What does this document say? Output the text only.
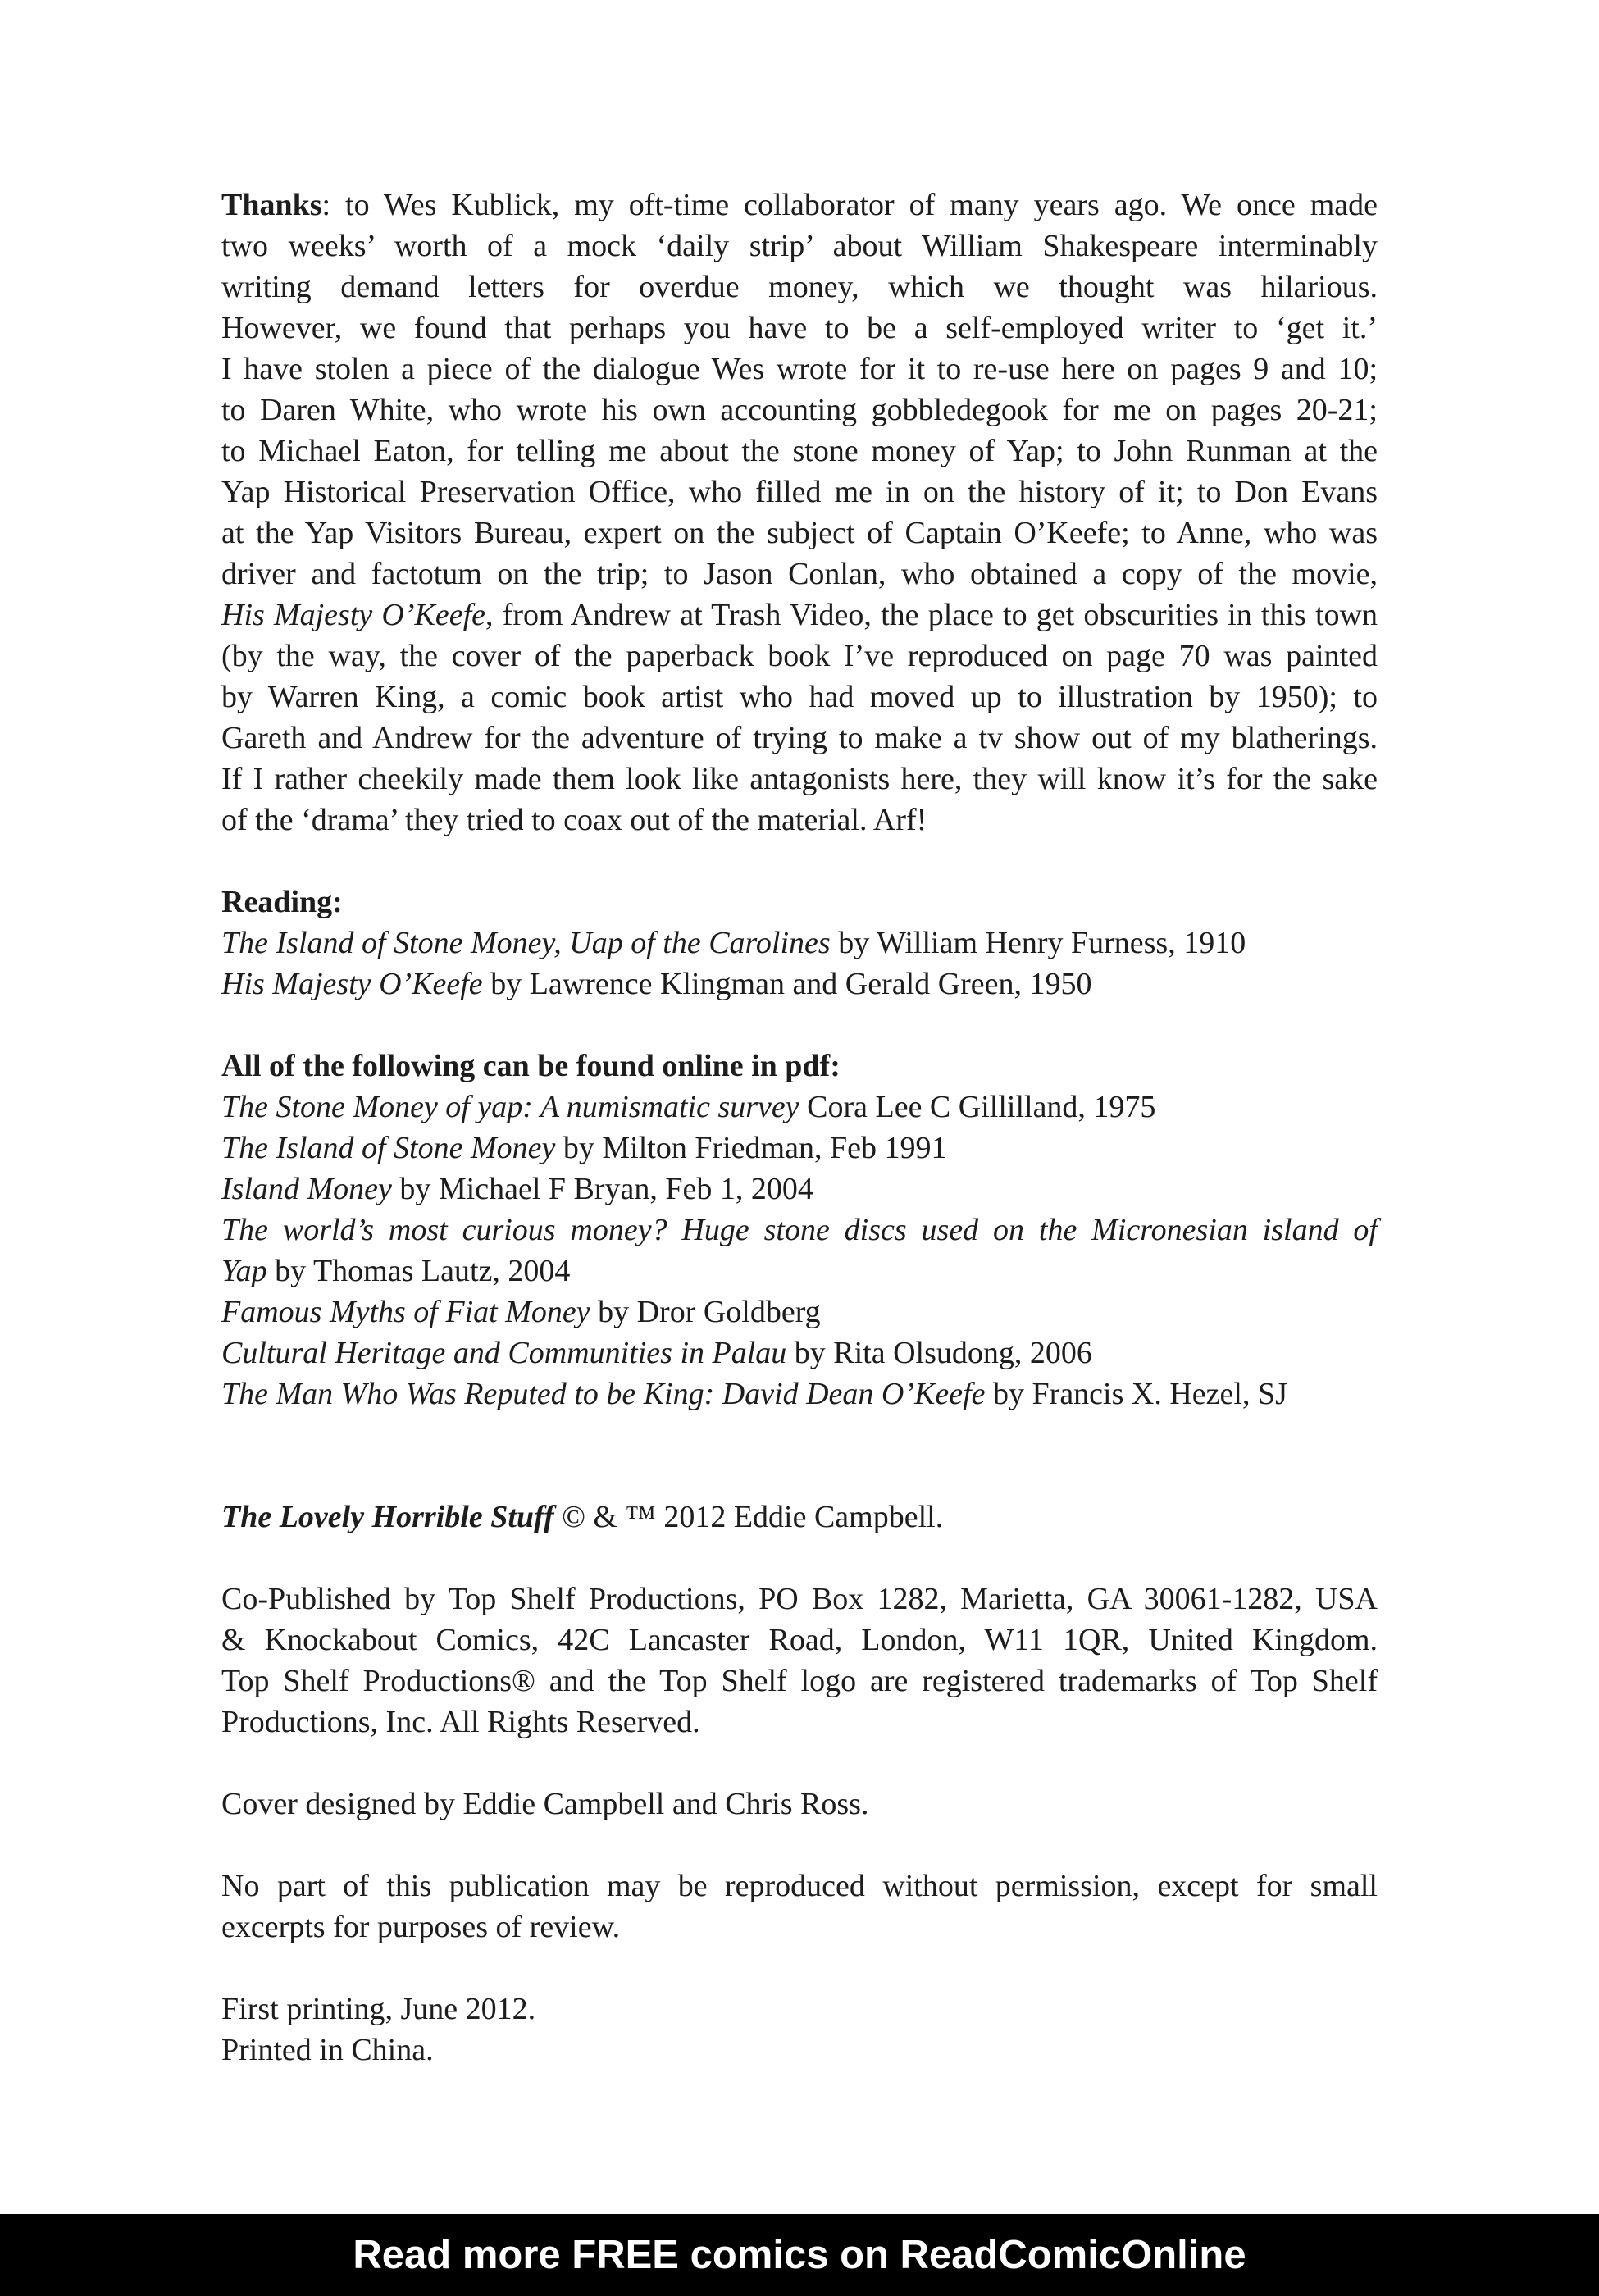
Thanks: to Wes Kublick, my oft-time collaborator of many years ago. We once made
two weeks’ worth of a mock ‘daily strip’ about William Shakespeare interminably
writing demand letters for overdue money, which we thought was hilarious.
However, we found that perhaps you have to be a self-employed writer to ‘get it.’
I have stolen a piece of the dialogue Wes wrote for it to re-use here on pages 9 and 10;
to Daren White, who wrote his own accounting gobbledegook for me on pages 20-21;
to Michael Eaton, for telling me about the stone money of Yap; to John Runman at the
Yap Historical Preservation Office, who filled me in on the history of it; to Don Evans
at the Yap Visitors Bureau, expert on the subject of Captain O’Keefe; to Anne, who was
driver and factotum on the trip; to Jason Conlan, who obtained a copy of the movie,
His Majesty O’Keefe, from Andrew at Trash Video, the place to get obscurities in this town
(by the way, the cover of the paperback book I’ve reproduced on page 70 was painted
by Warren King, a comic book artist who had moved up to illustration by 1950); to
Gareth and Andrew for the adventure of trying to make a tv show out of my blatherings.
If I rather cheekily made them look like antagonists here, they will know it’s for the sake
of the ‘drama’ they tried to coax out of the material. Arf!
Reading:
The Island of Stone Money, Uap of the Carolines by William Henry Furness, 1910
His Majesty O’Keefe by Lawrence Klingman and Gerald Green, 1950
All of the following can be found online in pdf:
The Stone Money of yap: A numismatic survey Cora Lee C Gillilland, 1975
The Island of Stone Money by Milton Friedman, Feb 1991
Island Money by Michael F Bryan, Feb 1, 2004
The world’s most curious money? Huge stone discs used on the Micronesian island of
Yap by Thomas Lautz, 2004
Famous Myths of Fiat Money by Dror Goldberg
Cultural Heritage and Communities in Palau by Rita Olsudong, 2006
The Man Who Was Reputed to be King: David Dean O’Keefe by Francis X. Hezel, SJ
The Lovely Horrible Stuff © & ™ 2012 Eddie Campbell.
Co-Published by Top Shelf Productions, PO Box 1282, Marietta, GA 30061-1282, USA
& Knockabout Comics, 42C Lancaster Road, London, W11 1QR, United Kingdom.
Top Shelf Productions® and the Top Shelf logo are registered trademarks of Top Shelf
Productions, Inc. All Rights Reserved.
Cover designed by Eddie Campbell and Chris Ross.
No part of this publication may be reproduced without permission, except for small
excerpts for purposes of review.
First printing, June 2012.
Printed in China.
Read more FREE comics on ReadComicOnline
